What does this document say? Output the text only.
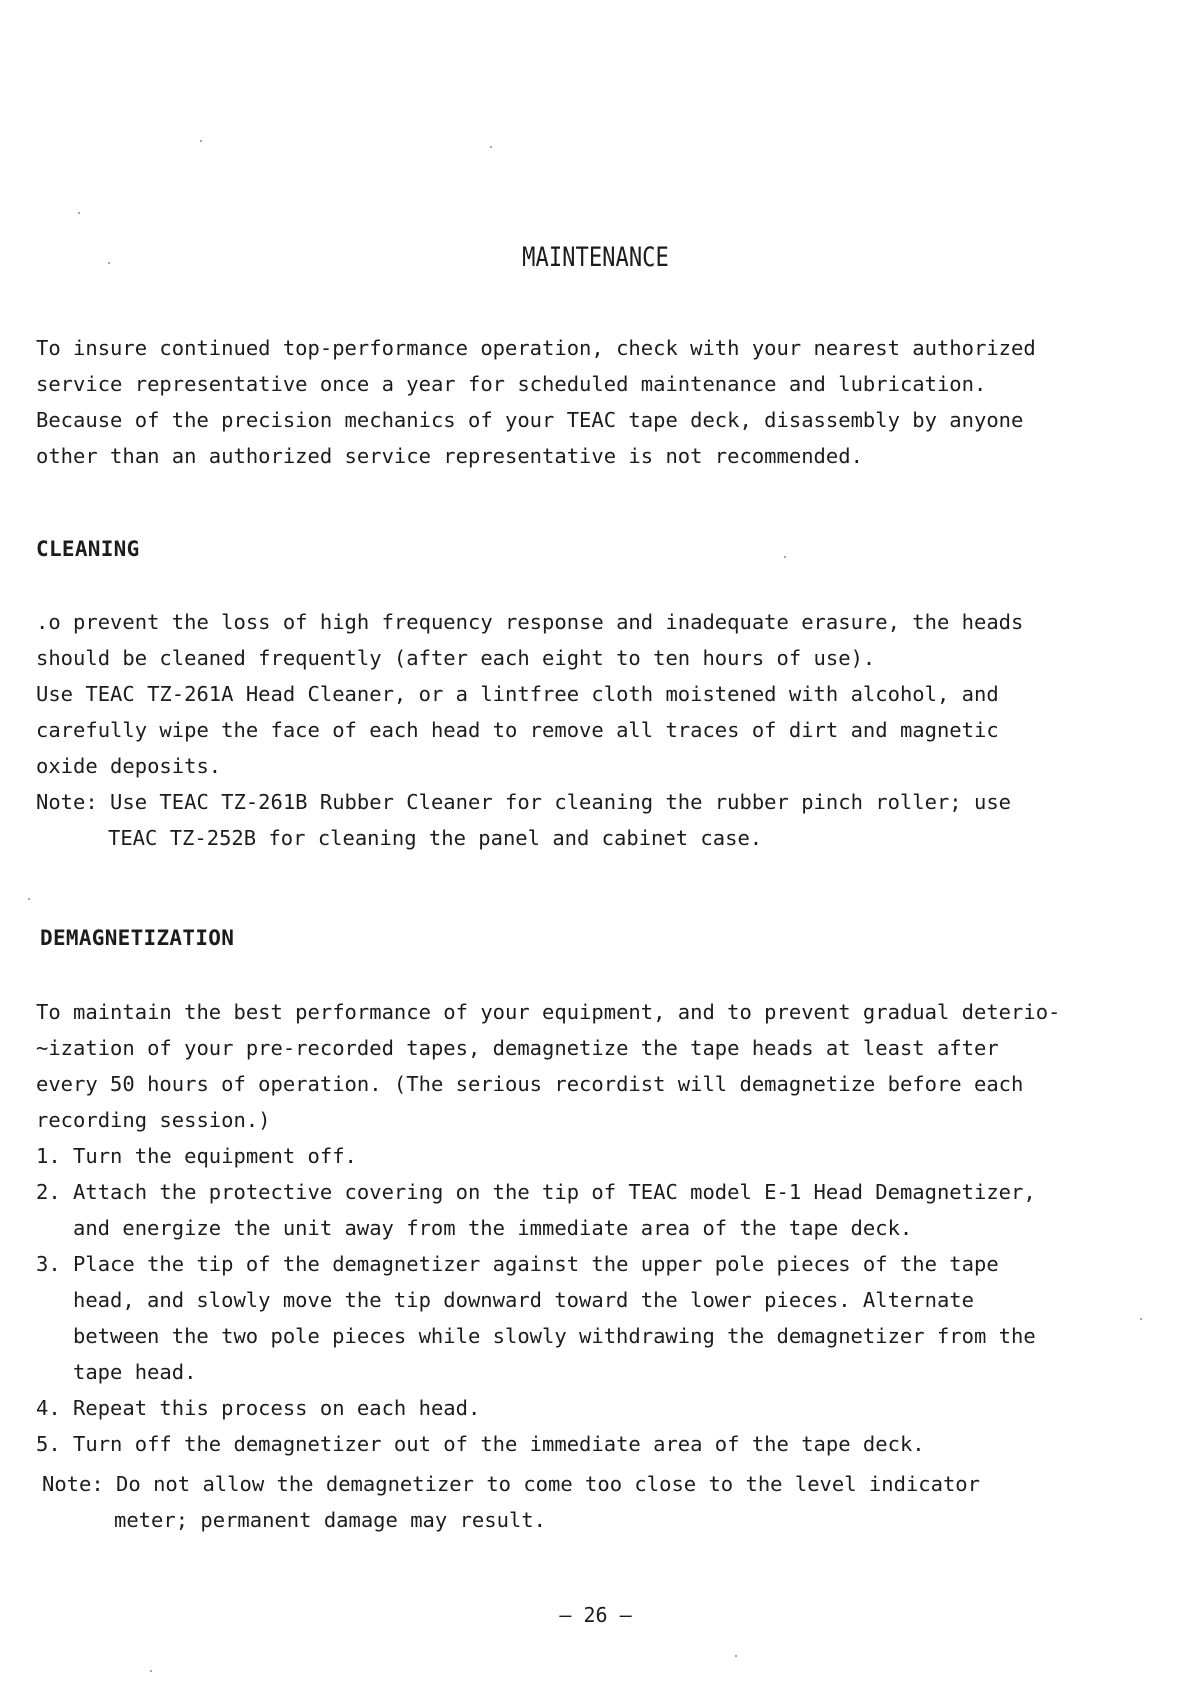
MAINTENANCE

To insure continued top-performance operation, check with your nearest authorized

service representative once a year for scheduled maintenance and lubrication.

Because of the precision mechanics of your TEAC tape deck, disassembly by anyone

other than an authorized service representative is not recommended.

CLEANING

.o prevent the loss of high frequency response and inadequate erasure, the heads

should be cleaned frequently (after each eight to ten hours of use).

Use TEAC TZ-261A Head Cleaner, or a lintfree cloth moistened with alcohol, and

carefully wipe the face of each head to remove all traces of dirt and magnetic

oxide deposits.

Note: Use TEAC TZ-261B Rubber Cleaner for cleaning the rubber pinch roller; use

TEAC TZ-252B for cleaning the panel and cabinet case.

DEMAGNETIZATION

To maintain the best performance of your equipment, and to prevent gradual deterio-

~ization of your pre-recorded tapes, demagnetize the tape heads at least after

every 50 hours of operation. (The serious recordist will demagnetize before each

recording session.)

1. Turn the equipment off.

2. Attach the protective covering on the tip of TEAC model E-1 Head Demagnetizer,

and energize the unit away from the immediate area of the tape deck.

3. Place the tip of the demagnetizer against the upper pole pieces of the tape

head, and slowly move the tip downward toward the lower pieces. Alternate

between the two pole pieces while slowly withdrawing the demagnetizer from the

tape head.

4. Repeat this process on each head.

5. Turn off the demagnetizer out of the immediate area of the tape deck.

Note: Do not allow the demagnetizer to come too close to the level indicator

meter; permanent damage may result.

— 26 —
